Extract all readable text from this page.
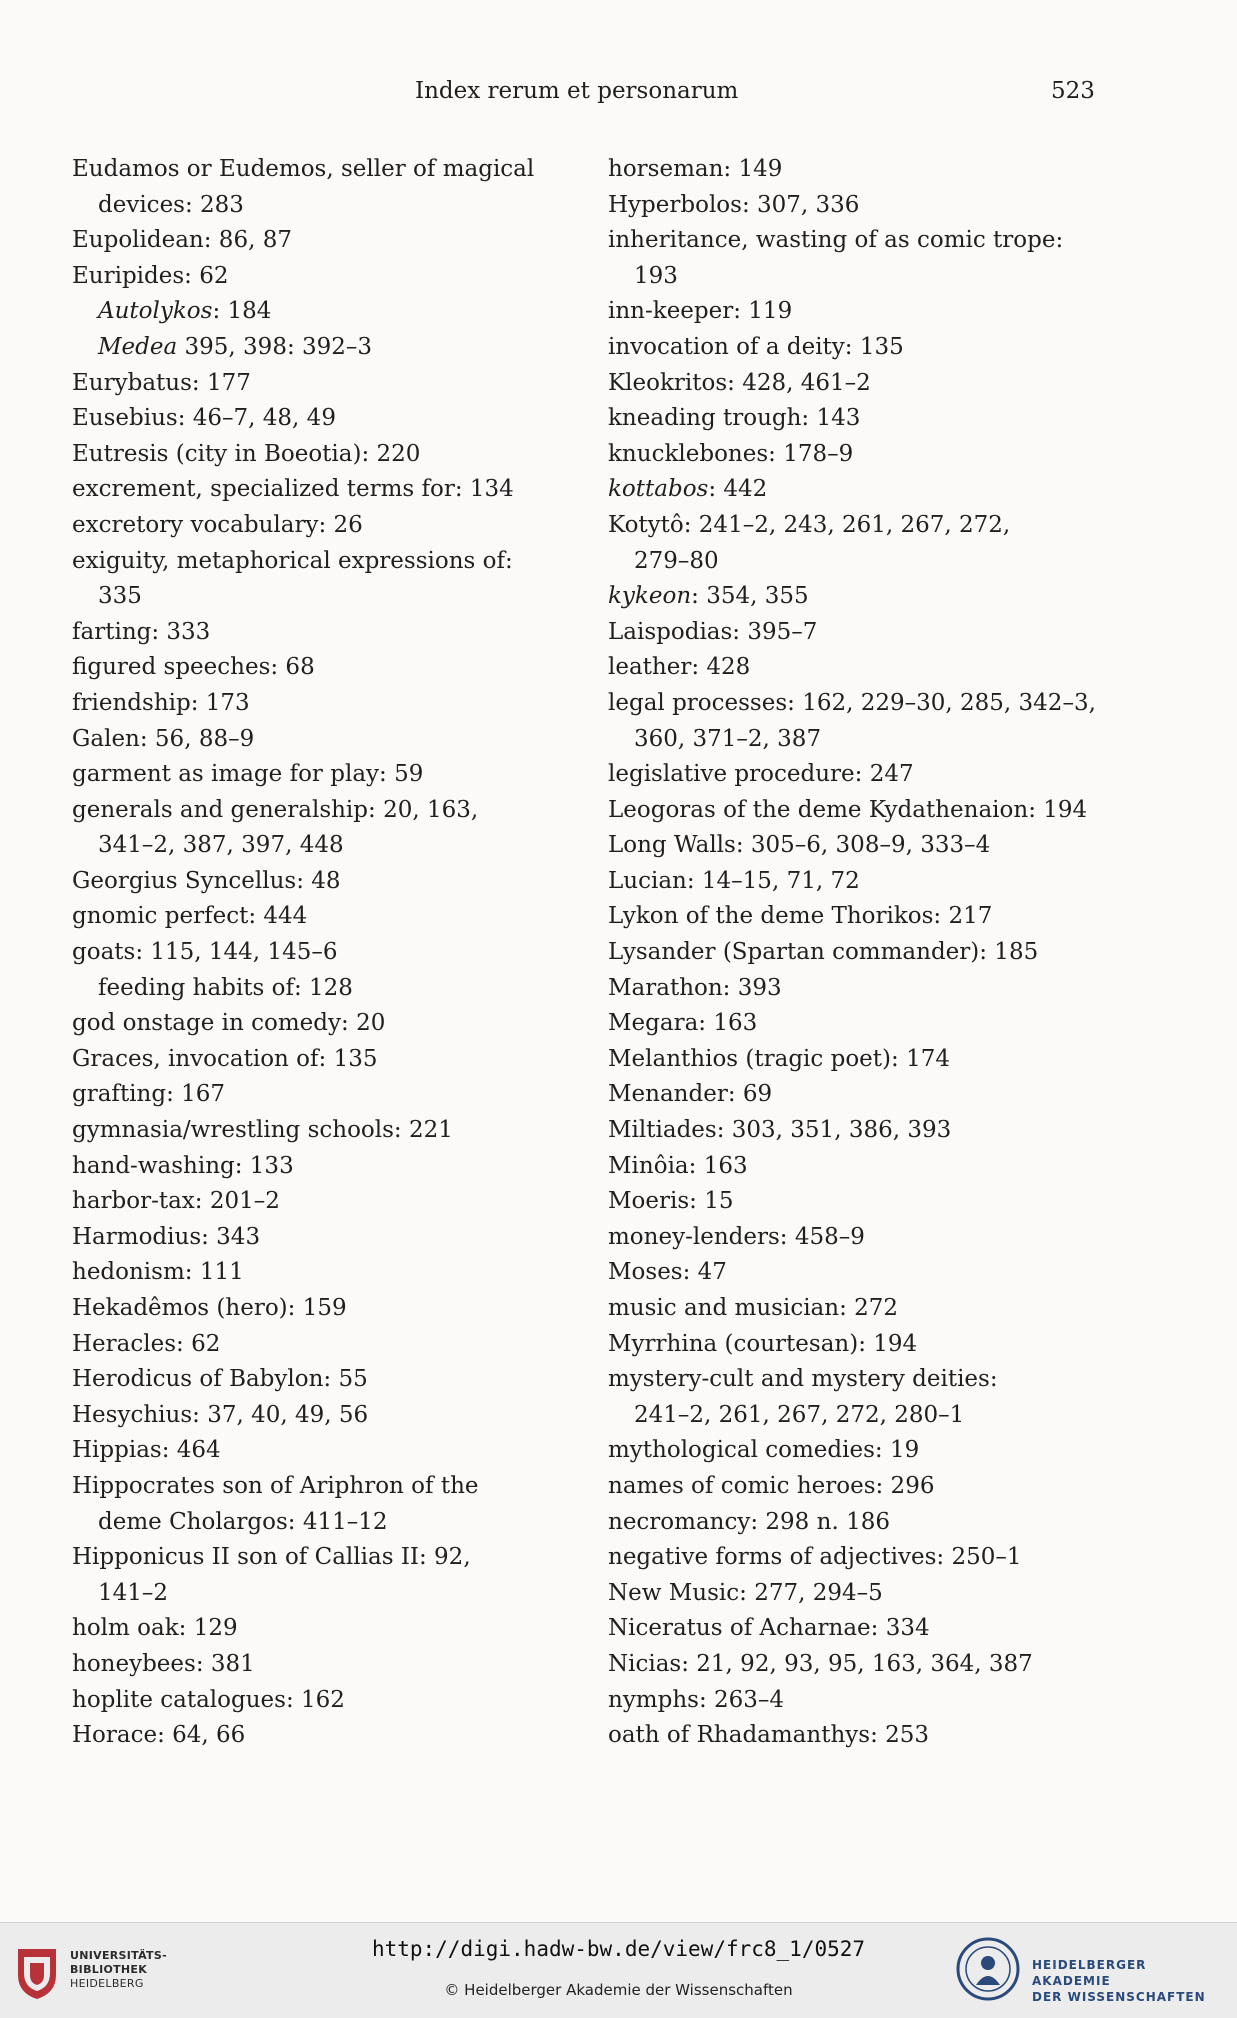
Index rerum et personarum	523
Eudamos or Eudemos, seller of magical
devices: 283
Eupolidean: 86, 87
Euripides: 62
Autolykos: 184
Medea 395, 398: 392–3
Eurybatus: 177
Eusebius: 46–7, 48, 49
Eutresis (city in Boeotia): 220
excrement, specialized terms for: 134
excretory vocabulary: 26
exiguity, metaphorical expressions of:
335
farting: 333
figured speeches: 68
friendship: 173
Galen: 56, 88–9
garment as image for play: 59
generals and generalship: 20, 163,
341–2, 387, 397, 448
Georgius Syncellus: 48
gnomic perfect: 444
goats: 115, 144, 145–6
feeding habits of: 128
god onstage in comedy: 20
Graces, invocation of: 135
grafting: 167
gymnasia/wrestling schools: 221
hand-washing: 133
harbor-tax: 201–2
Harmodius: 343
hedonism: 111
Hekadêmos (hero): 159
Heracles: 62
Herodicus of Babylon: 55
Hesychius: 37, 40, 49, 56
Hippias: 464
Hippocrates son of Ariphron of the
deme Cholargos: 411–12
Hipponicus II son of Callias II: 92,
141–2
holm oak: 129
honeybees: 381
hoplite catalogues: 162
Horace: 64, 66
horseman: 149
Hyperbolos: 307, 336
inheritance, wasting of as comic trope:
193
inn-keeper: 119
invocation of a deity: 135
Kleokritos: 428, 461–2
kneading trough: 143
knucklebones: 178–9
kottabos: 442
Kotytô: 241–2, 243, 261, 267, 272,
279–80
kykeon: 354, 355
Laispodias: 395–7
leather: 428
legal processes: 162, 229–30, 285, 342–3,
360, 371–2, 387
legislative procedure: 247
Leogoras of the deme Kydathenaion: 194
Long Walls: 305–6, 308–9, 333–4
Lucian: 14–15, 71, 72
Lykon of the deme Thorikos: 217
Lysander (Spartan commander): 185
Marathon: 393
Megara: 163
Melanthios (tragic poet): 174
Menander: 69
Miltiades: 303, 351, 386, 393
Minôia: 163
Moeris: 15
money-lenders: 458–9
Moses: 47
music and musician: 272
Myrrhina (courtesan): 194
mystery-cult and mystery deities:
241–2, 261, 267, 272, 280–1
mythological comedies: 19
names of comic heroes: 296
necromancy: 298 n. 186
negative forms of adjectives: 250–1
New Music: 277, 294–5
Niceratus of Acharnae: 334
Nicias: 21, 92, 93, 95, 163, 364, 387
nymphs: 263–4
oath of Rhadamanthys: 253
UNIVERSITÄTS-
BIBLIOTHEK
HEIDELBERG
http://digi.hadw-bw.de/view/frc8_1/0527
© Heidelberger Akademie der Wissenschaften
HEIDELBERGER AKADEMIE
DER WISSENSCHAFTEN
